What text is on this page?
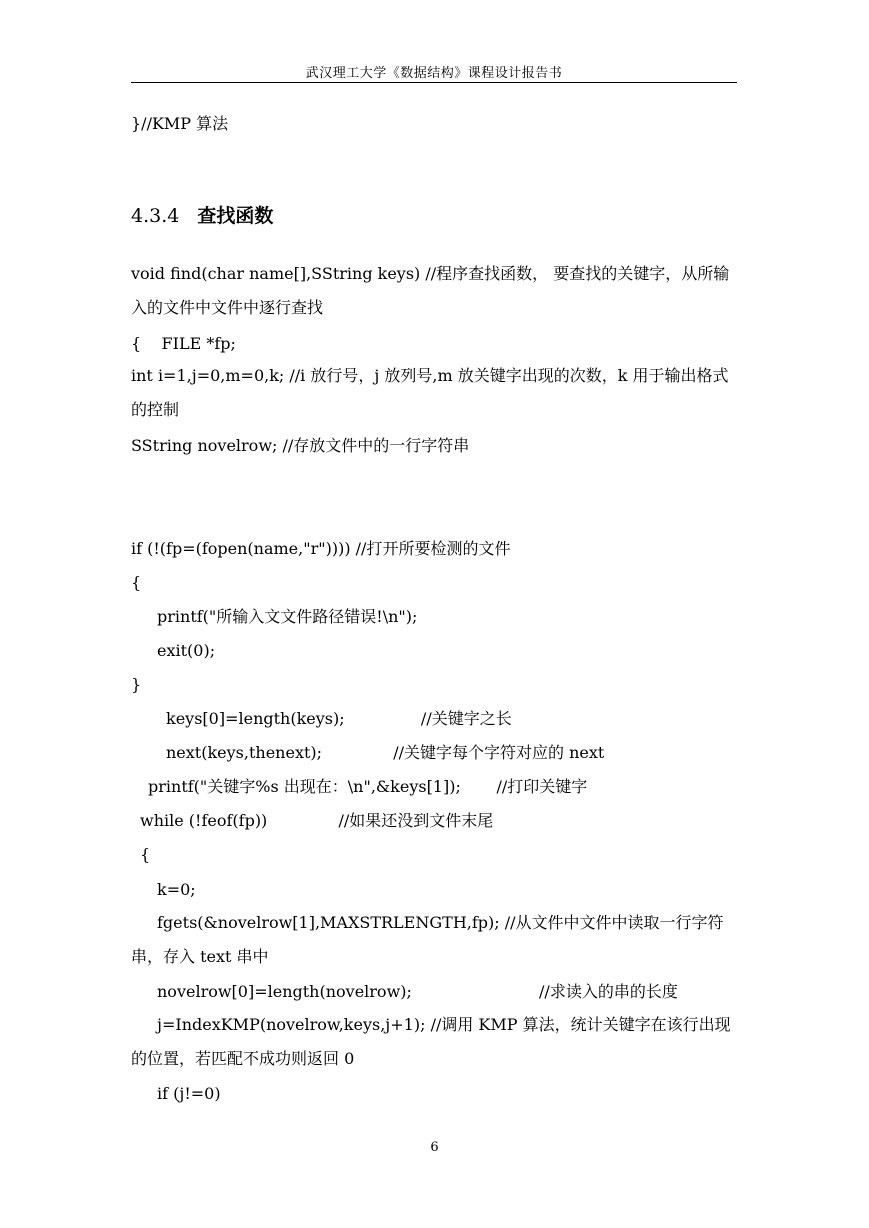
武汉理工大学《数据结构》课程设计报告书
}//KMP 算法
4.3.4 查找函数
void find(char name[],SString keys) //程序查找函数， 要查找的关键字，从所输入的文件中文件中逐行查找
{    FILE *fp;
int i=1,j=0,m=0,k; //i 放行号，j 放列号,m 放关键字出现的次数，k 用于输出格式的控制
SString novelrow; //存放文件中的一行字符串
if (!(fp=(fopen(name,"r")))) //打开所要检测的文件
{
printf("所输入文文件路径错误!\n");
exit(0);
}
keys[0]=length(keys);               //关键字之长
next(keys,thenext);              //关键字每个字符对应的 next
printf("关键字%s 出现在：\n",&keys[1]);       //打印关键字
while (!feof(fp))              //如果还没到文件末尾
{
k=0;
fgets(&novelrow[1],MAXSTRLENGTH,fp); //从文件中文件中读取一行字符串，存入 text 串中
novelrow[0]=length(novelrow);                         //求读入的串的长度
j=IndexKMP(novelrow,keys,j+1); //调用 KMP 算法，统计关键字在该行出现的位置，若匹配不成功则返回 0
if (j!=0)
6
